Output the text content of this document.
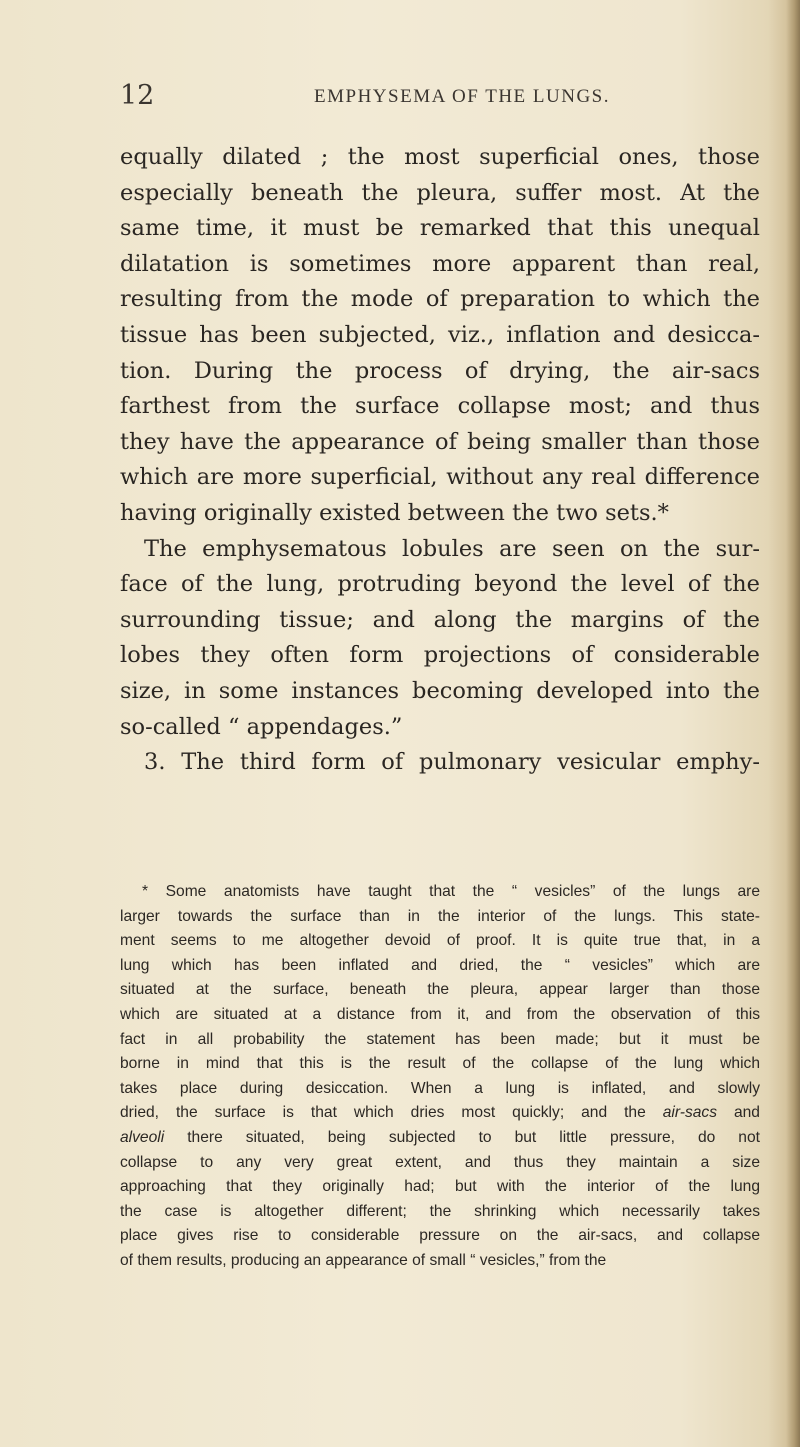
12	EMPHYSEMA OF THE LUNGS.
equally dilated ; the most superficial ones, those
especially beneath the pleura, suffer most. At the
same time, it must be remarked that this unequal
dilatation is sometimes more apparent than real,
resulting from the mode of preparation to which the
tissue has been subjected, viz., inflation and desicca-
tion. During the process of drying, the air-sacs
farthest from the surface collapse most; and thus
they have the appearance of being smaller than those
which are more superficial, without any real difference
having originally existed between the two sets.*
The emphysematous lobules are seen on the sur-
face of the lung, protruding beyond the level of the
surrounding tissue; and along the margins of the
lobes they often form projections of considerable
size, in some instances becoming developed into the
so-called “ appendages.”
3. The third form of pulmonary vesicular emphy-
* Some anatomists have taught that the “ vesicles” of the lungs are
larger towards the surface than in the interior of the lungs. This state-
ment seems to me altogether devoid of proof. It is quite true that, in a
lung which has been inflated and dried, the “ vesicles” which are
situated at the surface, beneath the pleura, appear larger than those
which are situated at a distance from it, and from the observation of this
fact in all probability the statement has been made; but it must be
borne in mind that this is the result of the collapse of the lung which
takes place during desiccation. When a lung is inflated, and slowly
dried, the surface is that which dries most quickly; and the air-sacs and
alveoli there situated, being subjected to but little pressure, do not
collapse to any very great extent, and thus they maintain a size
approaching that they originally had; but with the interior of the lung
the case is altogether different; the shrinking which necessarily takes
place gives rise to considerable pressure on the air-sacs, and collapse
of them results, producing an appearance of small “ vesicles,” from the
